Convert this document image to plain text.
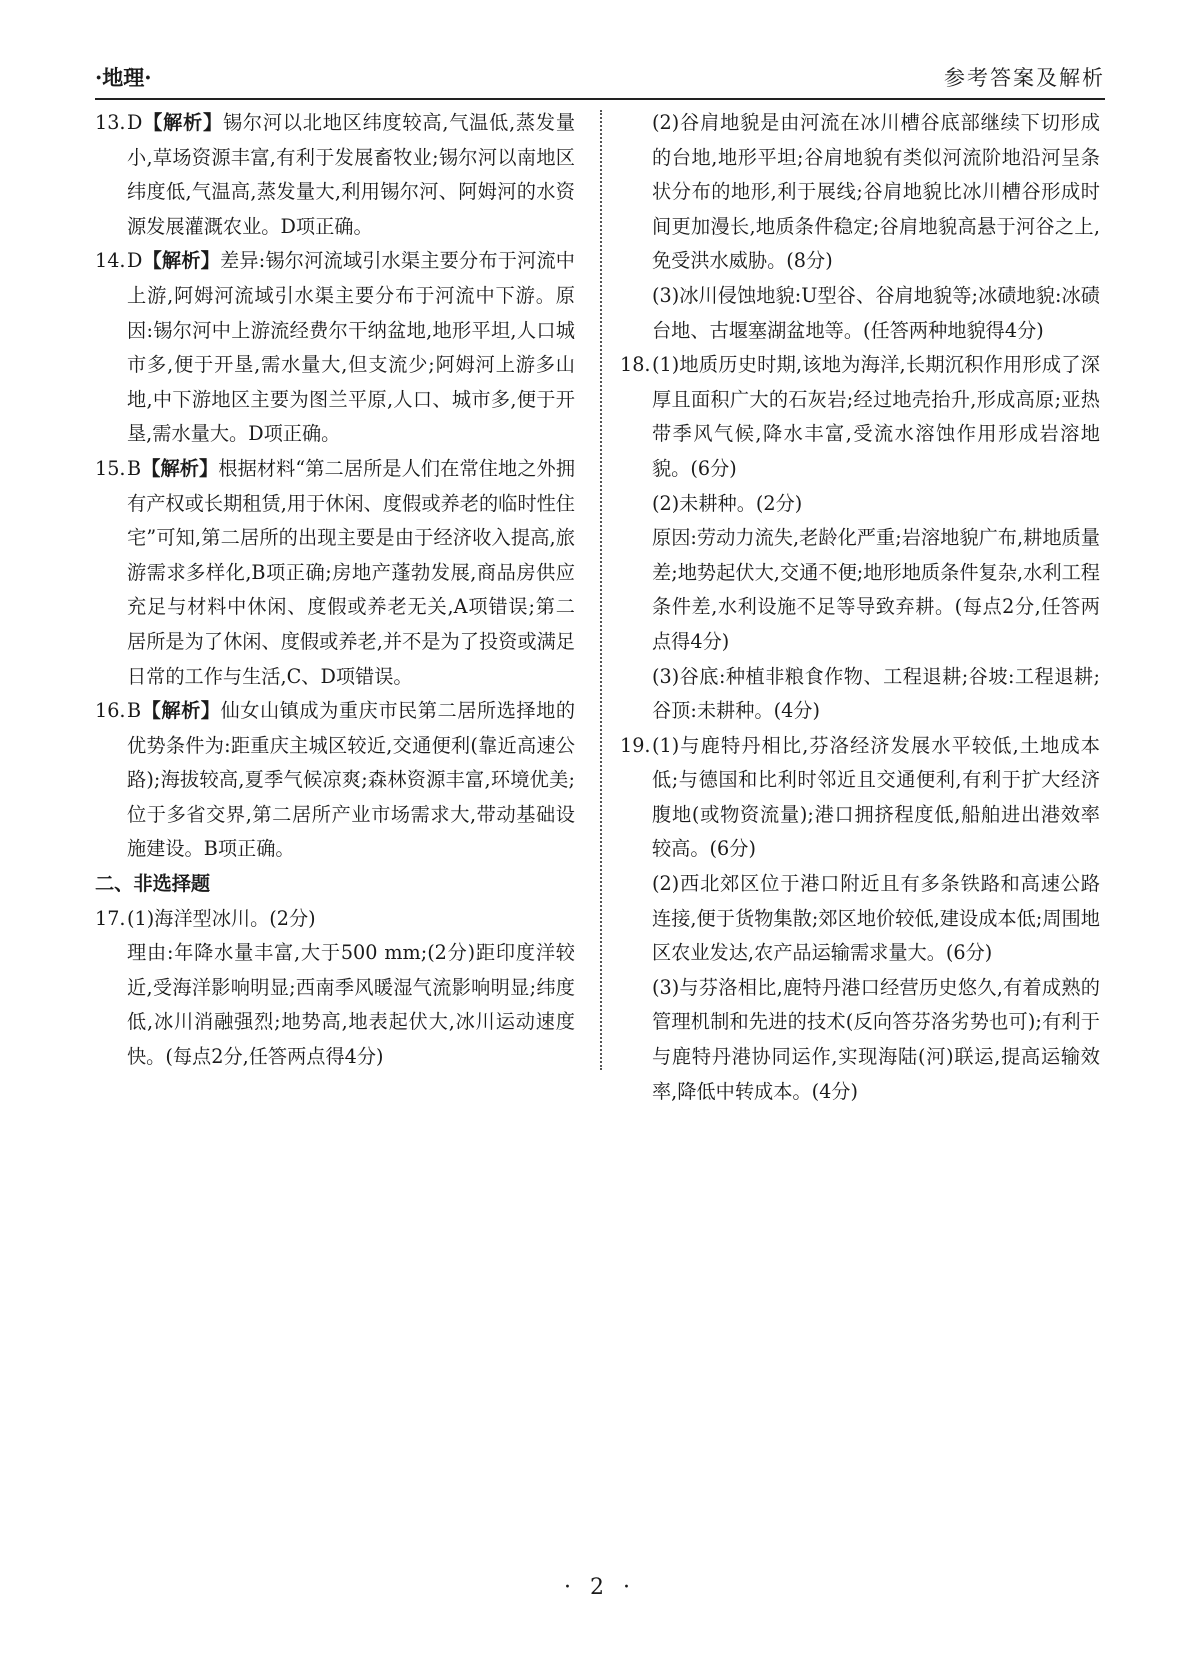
·地理·	参考答案及解析
13. D【解析】锡尔河以北地区纬度较高,气温低,蒸发量小,草场资源丰富,有利于发展畜牧业;锡尔河以南地区纬度低,气温高,蒸发量大,利用锡尔河、阿姆河的水资源发展灌溉农业。D项正确。

14. D【解析】差异:锡尔河流域引水渠主要分布于河流中上游,阿姆河流域引水渠主要分布于河流中下游。原因:锡尔河中上游流经费尔干纳盆地,地形平坦,人口城市多,便于开垦,需水量大,但支流少;阿姆河上游多山地,中下游地区主要为图兰平原,人口、城市多,便于开垦,需水量大。D项正确。

15. B【解析】根据材料“第二居所是人们在常住地之外拥有产权或长期租赁,用于休闲、度假或养老的临时性住宅”可知,第二居所的出现主要是由于经济收入提高,旅游需求多样化,B项正确;房地产蓬勃发展,商品房供应充足与材料中休闲、度假或养老无关,A项错误;第二居所是为了休闲、度假或养老,并不是为了投资或满足日常的工作与生活,C、D项错误。

16. B【解析】仙女山镇成为重庆市民第二居所选择地的优势条件为:距重庆主城区较近,交通便利(靠近高速公路);海拔较高,夏季气候凉爽;森林资源丰富,环境优美;位于多省交界,第二居所产业市场需求大,带动基础设施建设。B项正确。

二、非选择题

17. (1)海洋型冰川。(2分)

理由:年降水量丰富,大于500 mm;(2分)距印度洋较近,受海洋影响明显;西南季风暖湿气流影响明显;纬度低,冰川消融强烈;地势高,地表起伏大,冰川运动速度快。(每点2分,任答两点得4分)

(2)谷肩地貌是由河流在冰川槽谷底部继续下切形成的台地,地形平坦;谷肩地貌有类似河流阶地沿河呈条状分布的地形,利于展线;谷肩地貌比冰川槽谷形成时间更加漫长,地质条件稳定;谷肩地貌高悬于河谷之上,免受洪水威胁。(8分)

(3)冰川侵蚀地貌:U型谷、谷肩地貌等;冰碛地貌:冰碛台地、古堰塞湖盆地等。(任答两种地貌得4分)

18. (1)地质历史时期,该地为海洋,长期沉积作用形成了深厚且面积广大的石灰岩;经过地壳抬升,形成高原;亚热带季风气候,降水丰富,受流水溶蚀作用形成岩溶地貌。(6分)

(2)未耕种。(2分)

原因:劳动力流失,老龄化严重;岩溶地貌广布,耕地质量差;地势起伏大,交通不便;地形地质条件复杂,水利工程条件差,水利设施不足等导致弃耕。(每点2分,任答两点得4分)

(3)谷底:种植非粮食作物、工程退耕;谷坡:工程退耕;谷顶:未耕种。(4分)

19. (1)与鹿特丹相比,芬洛经济发展水平较低,土地成本低;与德国和比利时邻近且交通便利,有利于扩大经济腹地(或物资流量);港口拥挤程度低,船舶进出港效率较高。(6分)

(2)西北郊区位于港口附近且有多条铁路和高速公路连接,便于货物集散;郊区地价较低,建设成本低;周围地区农业发达,农产品运输需求量大。(6分)

(3)与芬洛相比,鹿特丹港口经营历史悠久,有着成熟的管理机制和先进的技术(反向答芬洛劣势也可);有利于与鹿特丹港协同运作,实现海陆(河)联运,提高运输效率,降低中转成本。(4分)

· 2 ·
